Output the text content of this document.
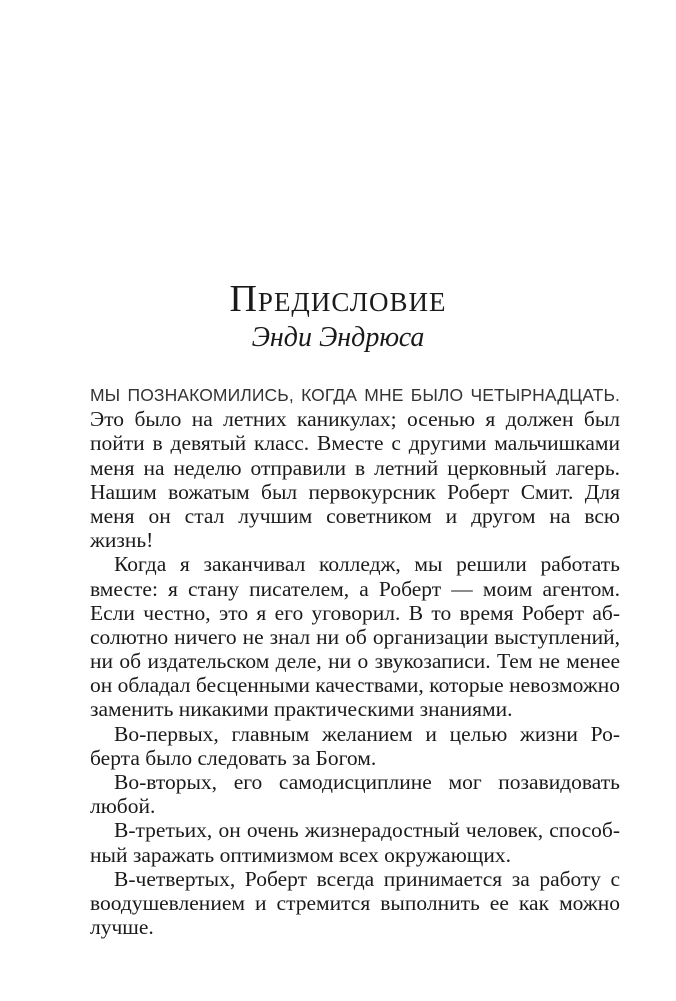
Предисловие
Энди Эндрюса
МЫ ПОЗНАКОМИЛИСЬ, КОГДА МНЕ БЫЛО ЧЕТЫРНАДЦАТЬ.
Это было на летних каникулах; осенью я должен был
пойти в девятый класс. Вместе с другими мальчишками
меня на неделю отправили в летний церковный лагерь.
Нашим вожатым был первокурсник Роберт Смит. Для
меня он стал лучшим советником и другом на всю
жизнь!
Когда я заканчивал колледж, мы решили работать
вместе: я стану писателем, а Роберт — моим агентом.
Если честно, это я его уговорил. В то время Роберт аб-
солютно ничего не знал ни об организации выступлений,
ни об издательском деле, ни о звукозаписи. Тем не менее
он обладал бесценными качествами, которые невозможно
заменить никакими практическими знаниями.
Во-первых, главным желанием и целью жизни Ро-
берта было следовать за Богом.
Во-вторых, его самодисциплине мог позавидовать
любой.
В-третьих, он очень жизнерадостный человек, способ-
ный заражать оптимизмом всех окружающих.
В-четвертых, Роберт всегда принимается за работу с
воодушевлением и стремится выполнить ее как можно
лучше.
